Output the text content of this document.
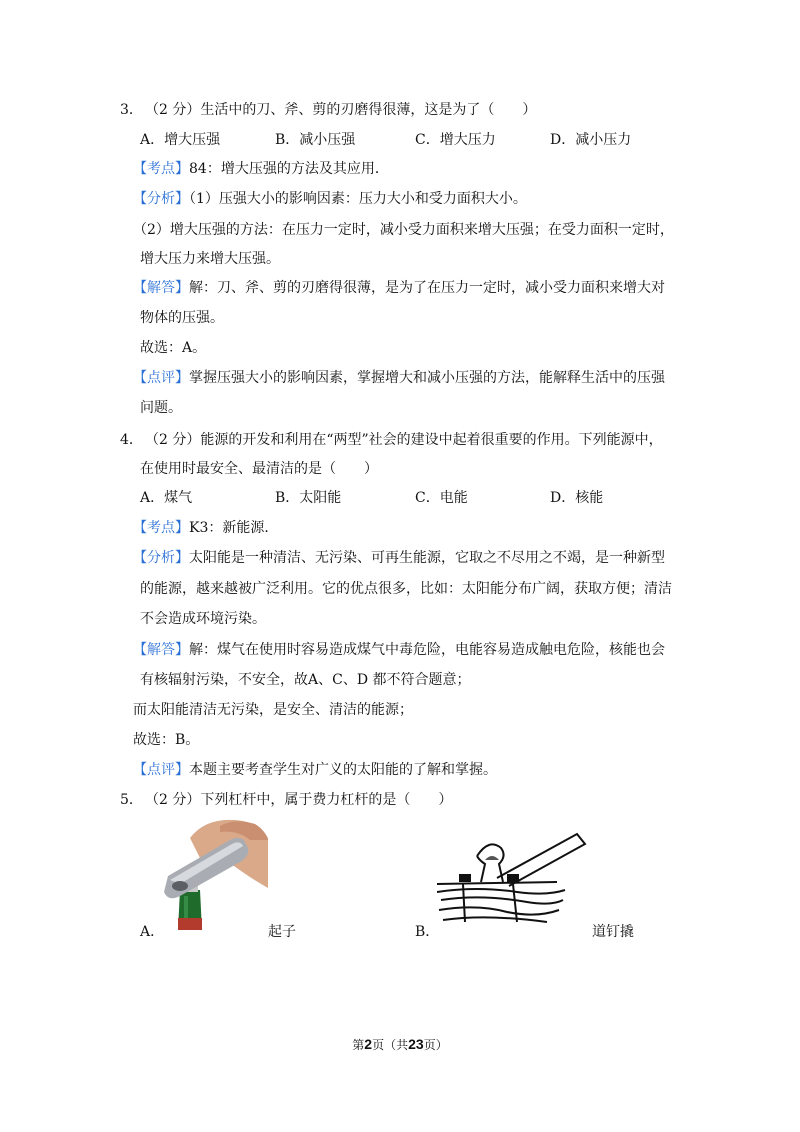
3． （2 分）生活中的刀、斧、剪的刃磨得很薄，这是为了（　　）
A．增大压强	B．减小压强	C．增大压力	D．减小压力
【考点】84：增大压强的方法及其应用．
【分析】（1）压强大小的影响因素：压力大小和受力面积大小。
（2）增大压强的方法：在压力一定时，减小受力面积来增大压强；在受力面积一定时，
增大压力来增大压强。
【解答】解：刀、斧、剪的刃磨得很薄，是为了在压力一定时，减小受力面积来增大对
物体的压强。
故选：A。
【点评】掌握压强大小的影响因素，掌握增大和减小压强的方法，能解释生活中的压强
问题。
4． （2 分）能源的开发和利用在“两型”社会的建设中起着很重要的作用。下列能源中，
在使用时最安全、最清洁的是（　　）
A．煤气	B．太阳能	C．电能	D．核能
【考点】K3：新能源．
【分析】太阳能是一种清洁、无污染、可再生能源，它取之不尽用之不竭，是一种新型
的能源，越来越被广泛利用。它的优点很多，比如：太阳能分布广阔，获取方便；清洁
不会造成环境污染。
【解答】解：煤气在使用时容易造成煤气中毒危险，电能容易造成触电危险，核能也会
有核辐射污染，不安全，故A、C、D 都不符合题意；
而太阳能清洁无污染，是安全、清洁的能源；
故选：B。
【点评】本题主要考查学生对广义的太阳能的了解和掌握。
5． （2 分）下列杠杆中，属于费力杠杆的是（　　）
A．	起子	B．	道钉撬
第2页（共23页）
